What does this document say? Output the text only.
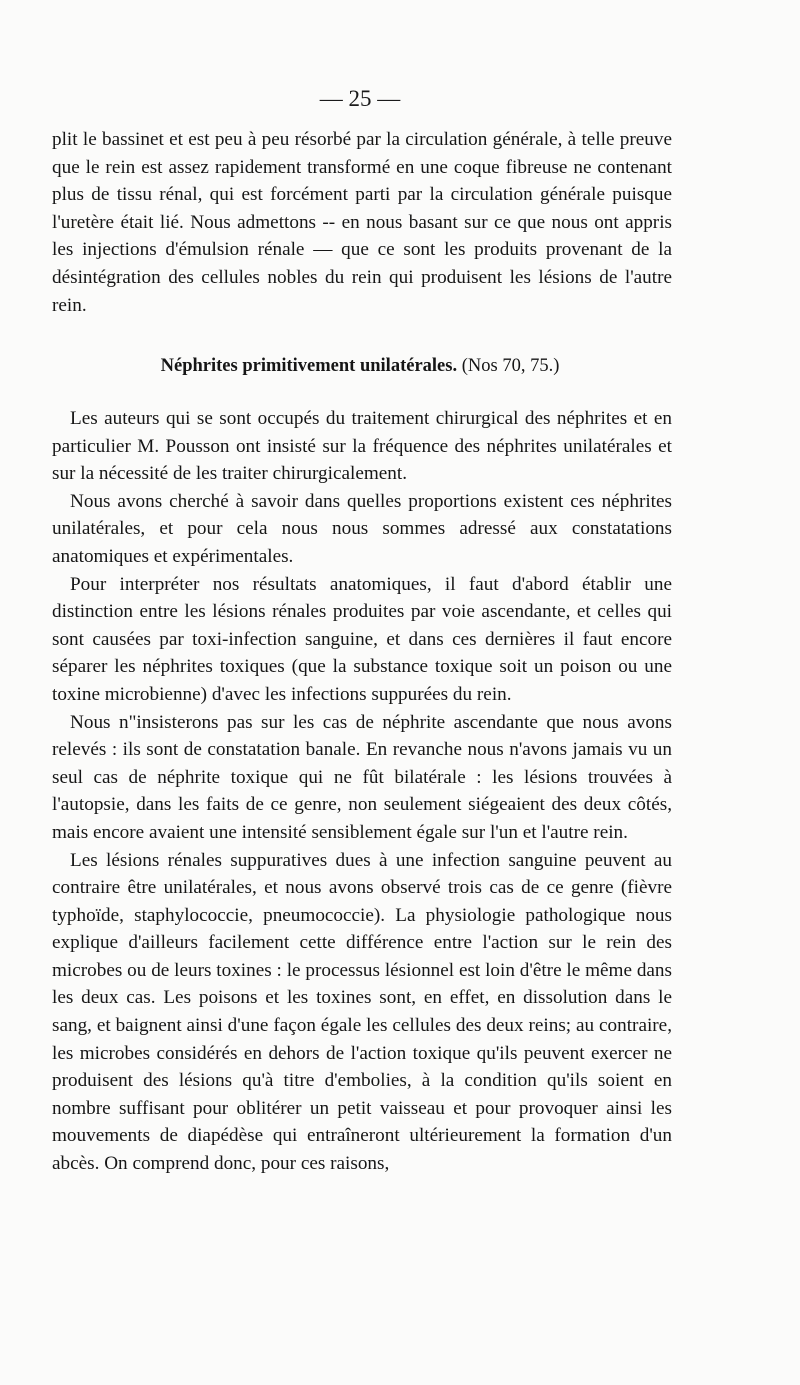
— 25 —

plit le bassinet et est peu à peu résorbé par la circulation générale, à telle preuve que le rein est assez rapidement transformé en une coque fibreuse ne contenant plus de tissu rénal, qui est forcément parti par la circulation générale puisque l'uretère était lié. Nous admettons -- en nous basant sur ce que nous ont appris les injections d'émulsion rénale — que ce sont les produits provenant de la désintégration des cellules nobles du rein qui produisent les lésions de l'autre rein.

Néphrites primitivement unilatérales. (Nos 70, 75.)

Les auteurs qui se sont occupés du traitement chirurgical des néphrites et en particulier M. Pousson ont insisté sur la fréquence des néphrites unilatérales et sur la nécessité de les traiter chirurgicalement.

Nous avons cherché à savoir dans quelles proportions existent ces néphrites unilatérales, et pour cela nous nous sommes adressé aux constatations anatomiques et expérimentales.

Pour interpréter nos résultats anatomiques, il faut d'abord établir une distinction entre les lésions rénales produites par voie ascendante, et celles qui sont causées par toxi-infection sanguine, et dans ces dernières il faut encore séparer les néphrites toxiques (que la substance toxique soit un poison ou une toxine microbienne) d'avec les infections suppurées du rein.

Nous n"insisterons pas sur les cas de néphrite ascendante que nous avons relevés : ils sont de constatation banale. En revanche nous n'avons jamais vu un seul cas de néphrite toxique qui ne fût bilatérale : les lésions trouvées à l'autopsie, dans les faits de ce genre, non seulement siégeaient des deux côtés, mais encore avaient une intensité sensiblement égale sur l'un et l'autre rein.

Les lésions rénales suppuratives dues à une infection sanguine peuvent au contraire être unilatérales, et nous avons observé trois cas de ce genre (fièvre typhoïde, staphylococcie, pneumococcie). La physiologie pathologique nous explique d'ailleurs facilement cette différence entre l'action sur le rein des microbes ou de leurs toxines : le processus lésionnel est loin d'être le même dans les deux cas. Les poisons et les toxines sont, en effet, en dissolution dans le sang, et baignent ainsi d'une façon égale les cellules des deux reins; au contraire, les microbes considérés en dehors de l'action toxique qu'ils peuvent exercer ne produisent des lésions qu'à titre d'embolies, à la condition qu'ils soient en nombre suffisant pour oblitérer un petit vaisseau et pour provoquer ainsi les mouvements de diapédèse qui entraîneront ultérieurement la formation d'un abcès. On comprend donc, pour ces raisons,
